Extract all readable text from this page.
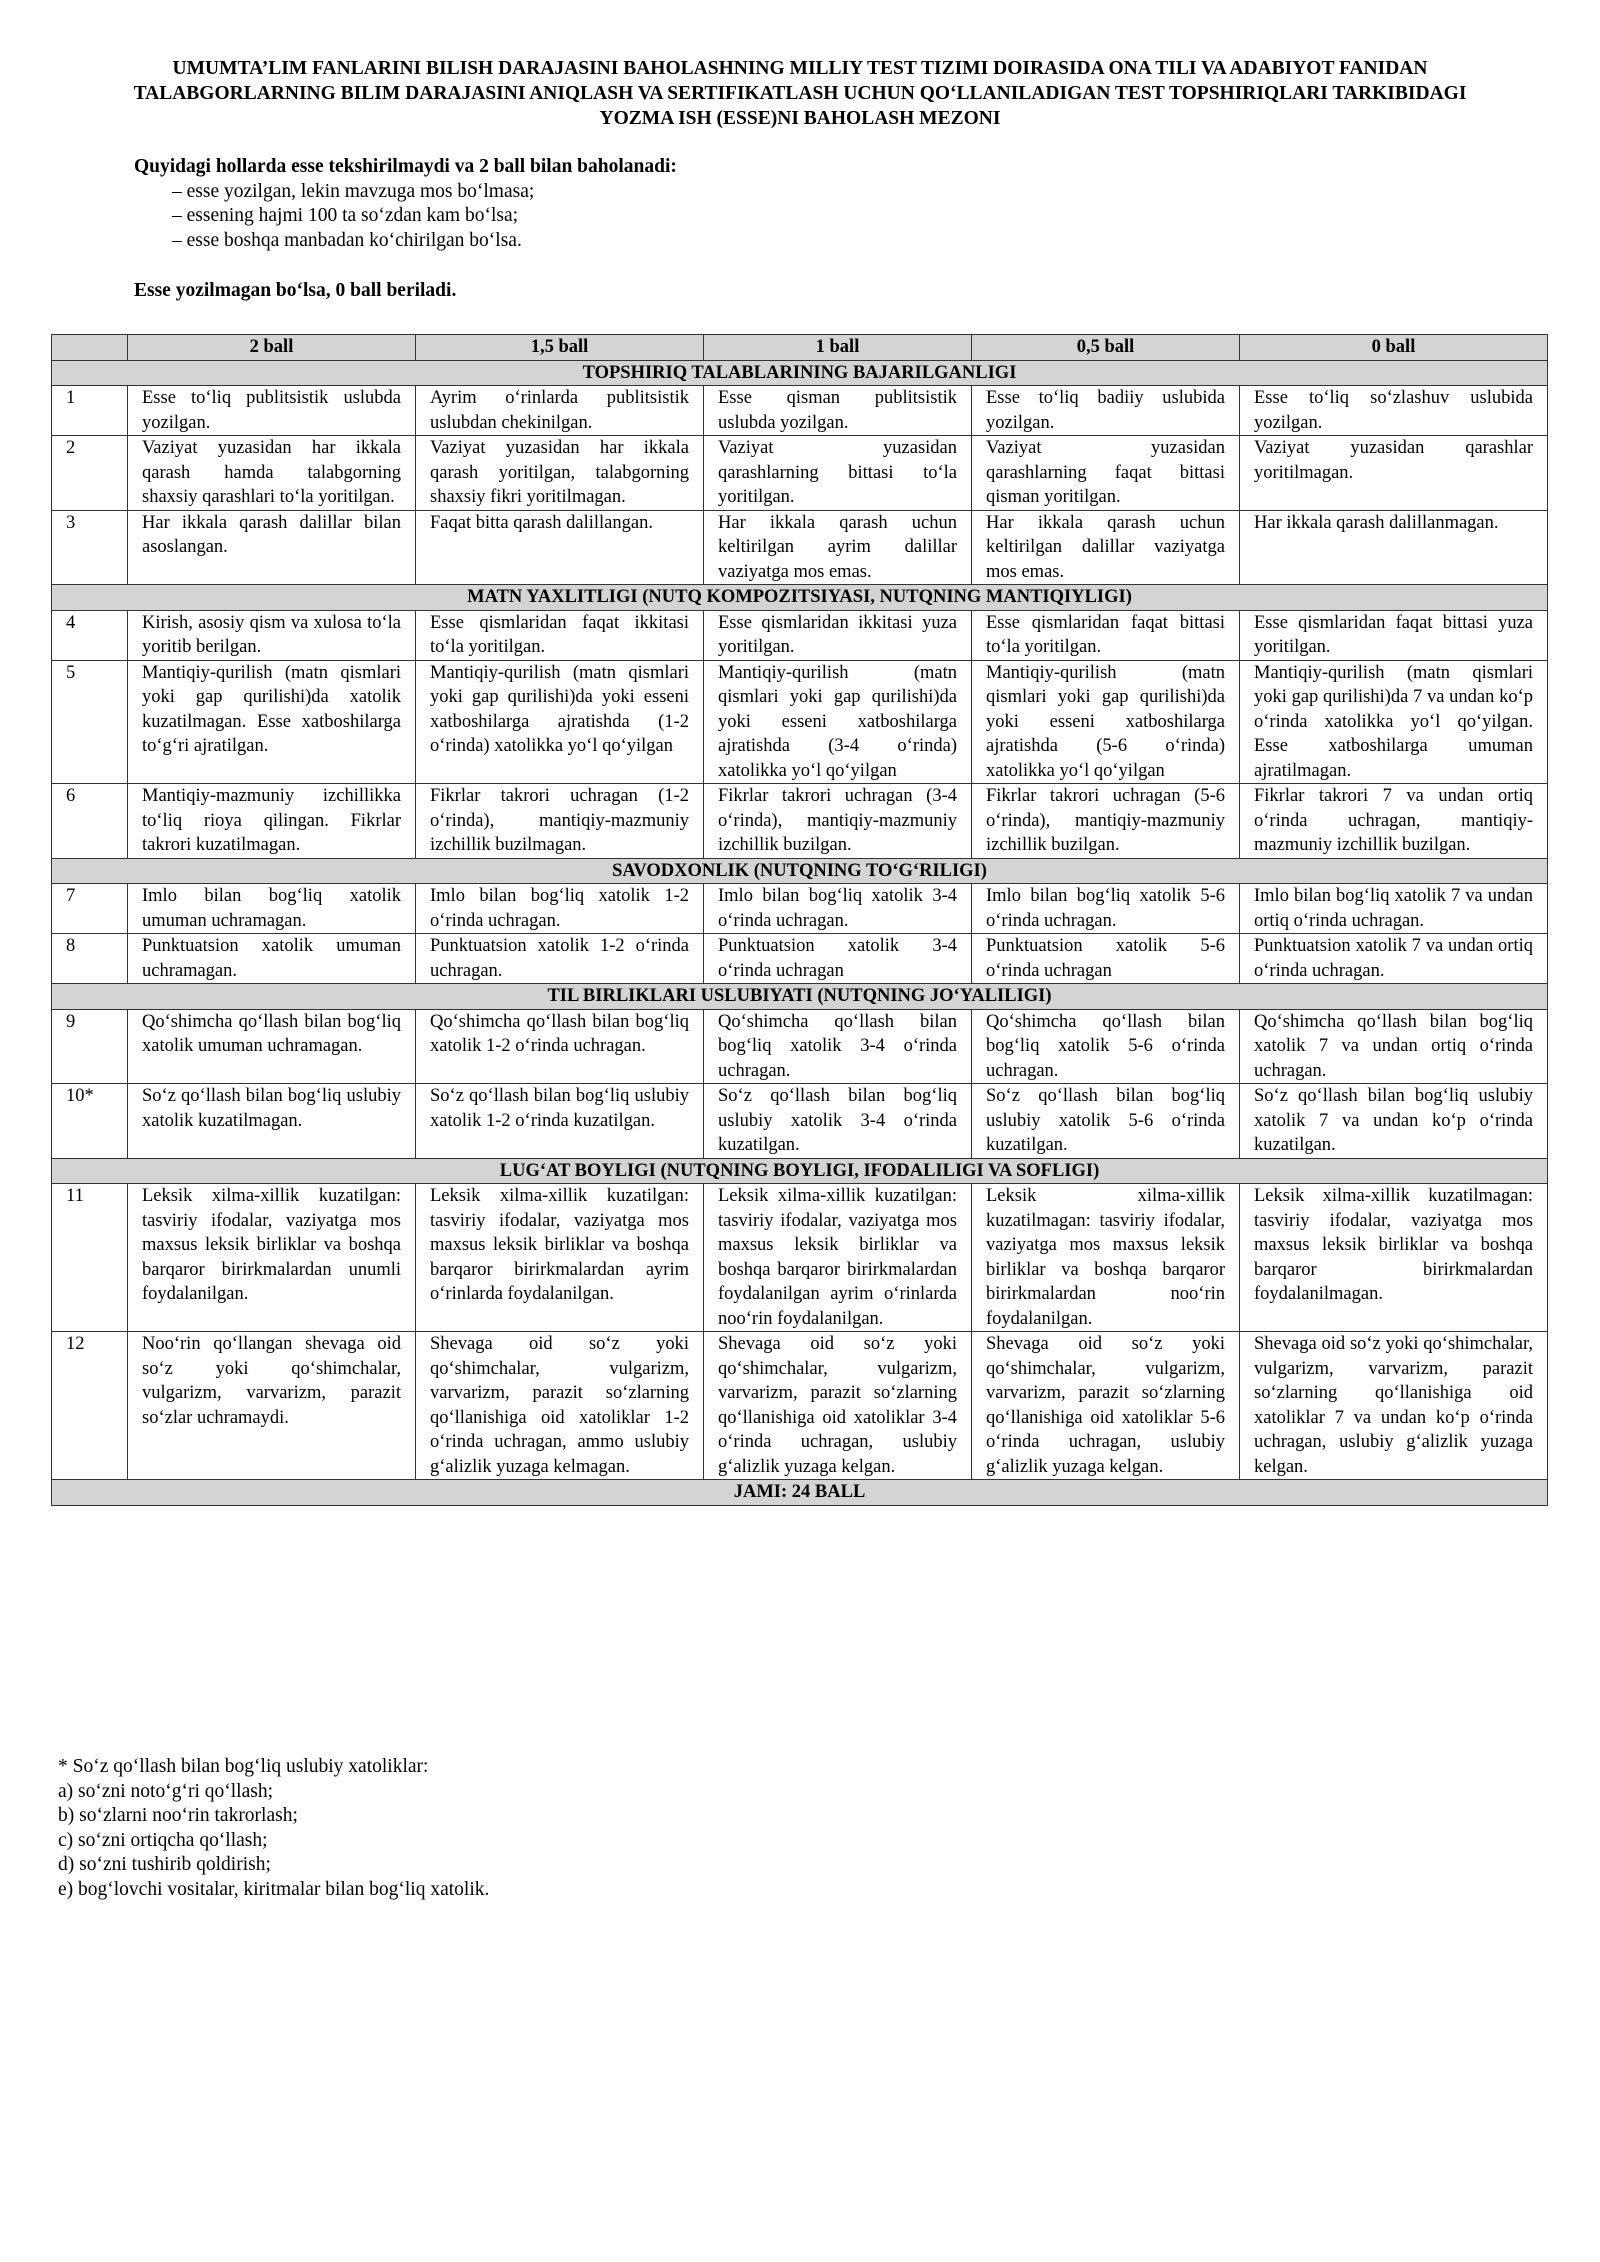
UMUMTA’LIM FANLARINI BILISH DARAJASINI BAHOLASHNING MILLIY TEST TIZIMI DOIRASIDA ONA TILI VA ADABIYOT FANIDAN
TALABGORLARNING BILIM DARAJASINI ANIQLASH VA SERTIFIKATLASH UCHUN QO‘LLANILADIGAN TEST TOPSHIRIQLARI TARKIBIDAGI
YOZMA ISH (ESSE)NI BAHOLASH MEZONI
Quyidagi hollarda esse tekshirilmaydi va 2 ball bilan baholanadi:
– esse yozilgan, lekin mavzuga mos bo‘lmasa;
– essening hajmi 100 ta so‘zdan kam bo‘lsa;
– esse boshqa manbadan ko‘chirilgan bo‘lsa.
Esse yozilmagan bo‘lsa, 0 ball beriladi.
	2 ball	1,5 ball	1 ball	0,5 ball	0 ball
TOPSHIRIQ TALABLARINING BAJARILGANLIGI					
1	Esse to‘liq publitsistik uslubda yozilgan.	Ayrim o‘rinlarda publitsistik uslubdan chekinilgan.	Esse qisman publitsistik uslubda yozilgan.	Esse to‘liq badiiy uslubida yozilgan.	Esse to‘liq so‘zlashuv uslubida yozilgan.
2	Vaziyat yuzasidan har ikkala qarash hamda talabgorning shaxsiy qarashlari to‘la yoritilgan.	Vaziyat yuzasidan har ikkala qarash yoritilgan, talabgorning shaxsiy fikri yoritilmagan.	Vaziyat yuzasidan qarashlarning bittasi to‘la yoritilgan.	Vaziyat yuzasidan qarashlarning faqat bittasi qisman yoritilgan.	Vaziyat yuzasidan qarashlar yoritilmagan.
3	Har ikkala qarash dalillar bilan asoslangan.	Faqat bitta qarash dalillangan.	Har ikkala qarash uchun keltirilgan ayrim dalillar vaziyatga mos emas.	Har ikkala qarash uchun keltirilgan dalillar vaziyatga mos emas.	Har ikkala qarash dalillanmagan.
MATN YAXLITLIGI (NUTQ KOMPOZITSIYASI, NUTQNING MANTIQIYLIGI)					
4	Kirish, asosiy qism va xulosa to‘la yoritib berilgan.	Esse qismlaridan faqat ikkitasi to‘la yoritilgan.	Esse qismlaridan ikkitasi yuza yoritilgan.	Esse qismlaridan faqat bittasi to‘la yoritilgan.	Esse qismlaridan faqat bittasi yuza yoritilgan.
5	Mantiqiy-qurilish (matn qismlari yoki gap qurilishi)da xatolik kuzatilmagan. Esse xatboshilarga to‘g‘ri ajratilgan.	Mantiqiy-qurilish (matn qismlari yoki gap qurilishi)da yoki esseni xatboshilarga ajratishda (1-2 o‘rinda) xatolikka yo‘l qo‘yilgan	Mantiqiy-qurilish (matn qismlari yoki gap qurilishi)da yoki esseni xatboshilarga ajratishda (3-4 o‘rinda) xatolikka yo‘l qo‘yilgan	Mantiqiy-qurilish (matn qismlari yoki gap qurilishi)da yoki esseni xatboshilarga ajratishda (5-6 o‘rinda) xatolikka yo‘l qo‘yilgan	Mantiqiy-qurilish (matn qismlari yoki gap qurilishi)da 7 va undan ko‘p o‘rinda xatolikka yo‘l qo‘yilgan. Esse xatboshilarga umuman ajratilmagan.
6	Mantiqiy-mazmuniy izchillikka to‘liq rioya qilingan. Fikrlar takrori kuzatilmagan.	Fikrlar takrori uchragan (1-2 o‘rinda), mantiqiy-mazmuniy izchillik buzilmagan.	Fikrlar takrori uchragan (3-4 o‘rinda), mantiqiy-mazmuniy izchillik buzilgan.	Fikrlar takrori uchragan (5-6 o‘rinda), mantiqiy-mazmuniy izchillik buzilgan.	Fikrlar takrori 7 va undan ortiq o‘rinda uchragan, mantiqiy-mazmuniy izchillik buzilgan.
SAVODXONLIK (NUTQNING TO‘G‘RILIGI)					
7	Imlo bilan bog‘liq xatolik umuman uchramagan.	Imlo bilan bog‘liq xatolik 1-2 o‘rinda uchragan.	Imlo bilan bog‘liq xatolik 3-4 o‘rinda uchragan.	Imlo bilan bog‘liq xatolik 5-6 o‘rinda uchragan.	Imlo bilan bog‘liq xatolik 7 va undan ortiq o‘rinda uchragan.
8	Punktuatsion xatolik umuman uchramagan.	Punktuatsion xatolik 1-2 o‘rinda uchragan.	Punktuatsion xatolik 3-4 o‘rinda uchragan	Punktuatsion xatolik 5-6 o‘rinda uchragan	Punktuatsion xatolik 7 va undan ortiq o‘rinda uchragan.
TIL BIRLIKLARI USLUBIYATI (NUTQNING JO‘YALILIGI)					
9	Qo‘shimcha qo‘llash bilan bog‘liq xatolik umuman uchramagan.	Qo‘shimcha qo‘llash bilan bog‘liq xatolik 1-2 o‘rinda uchragan.	Qo‘shimcha qo‘llash bilan bog‘liq xatolik 3-4 o‘rinda uchragan.	Qo‘shimcha qo‘llash bilan bog‘liq xatolik 5-6 o‘rinda uchragan.	Qo‘shimcha qo‘llash bilan bog‘liq xatolik 7 va undan ortiq o‘rinda uchragan.
10*	So‘z qo‘llash bilan bog‘liq uslubiy xatolik kuzatilmagan.	So‘z qo‘llash bilan bog‘liq uslubiy xatolik 1-2 o‘rinda kuzatilgan.	So‘z qo‘llash bilan bog‘liq uslubiy xatolik 3-4 o‘rinda kuzatilgan.	So‘z qo‘llash bilan bog‘liq uslubiy xatolik 5-6 o‘rinda kuzatilgan.	So‘z qo‘llash bilan bog‘liq uslubiy xatolik 7 va undan ko‘p o‘rinda kuzatilgan.
LUG‘AT BOYLIGI (NUTQNING BOYLIGI, IFODALILIGI VA SOFLIGI)					
11	Leksik xilma-xillik kuzatilgan: tasviriy ifodalar, vaziyatga mos maxsus leksik birliklar va boshqa barqaror birirkmalardan unumli foydalanilgan.	Leksik xilma-xillik kuzatilgan: tasviriy ifodalar, vaziyatga mos maxsus leksik birliklar va boshqa barqaror birirkmalardan ayrim o‘rinlarda foydalanilgan.	Leksik xilma-xillik kuzatilgan: tasviriy ifodalar, vaziyatga mos maxsus leksik birliklar va boshqa barqaror birirkmalardan foydalanilgan ayrim o‘rinlarda noo‘rin foydalanilgan.	Leksik xilma-xillik kuzatilmagan: tasviriy ifodalar, vaziyatga mos maxsus leksik birliklar va boshqa barqaror birirkmalardan noo‘rin foydalanilgan.	Leksik xilma-xillik kuzatilmagan: tasviriy ifodalar, vaziyatga mos maxsus leksik birliklar va boshqa barqaror birirkmalardan foydalanilmagan.
12	Noo‘rin qo‘llangan shevaga oid so‘z yoki qo‘shimchalar, vulgarizm, varvarizm, parazit so‘zlar uchramaydi.	Shevaga oid so‘z yoki qo‘shimchalar, vulgarizm, varvarizm, parazit so‘zlarning qo‘llanishiga oid xatoliklar 1-2 o‘rinda uchragan, ammo uslubiy g‘alizlik yuzaga kelmagan.	Shevaga oid so‘z yoki qo‘shimchalar, vulgarizm, varvarizm, parazit so‘zlarning qo‘llanishiga oid xatoliklar 3-4 o‘rinda uchragan, uslubiy g‘alizlik yuzaga kelgan.	Shevaga oid so‘z yoki qo‘shimchalar, vulgarizm, varvarizm, parazit so‘zlarning qo‘llanishiga oid xatoliklar 5-6 o‘rinda uchragan, uslubiy g‘alizlik yuzaga kelgan.	Shevaga oid so‘z yoki qo‘shimchalar, vulgarizm, varvarizm, parazit so‘zlarning qo‘llanishiga oid xatoliklar 7 va undan ko‘p o‘rinda uchragan, uslubiy g‘alizlik yuzaga kelgan.
JAMI: 24 BALL					
* So‘z qo‘llash bilan bog‘liq uslubiy xatoliklar:
a) so‘zni noto‘g‘ri qo‘llash;
b) so‘zlarni noo‘rin takrorlash;
c) so‘zni ortiqcha qo‘llash;
d) so‘zni tushirib qoldirish;
e) bog‘lovchi vositalar, kiritmalar bilan bog‘liq xatolik.
